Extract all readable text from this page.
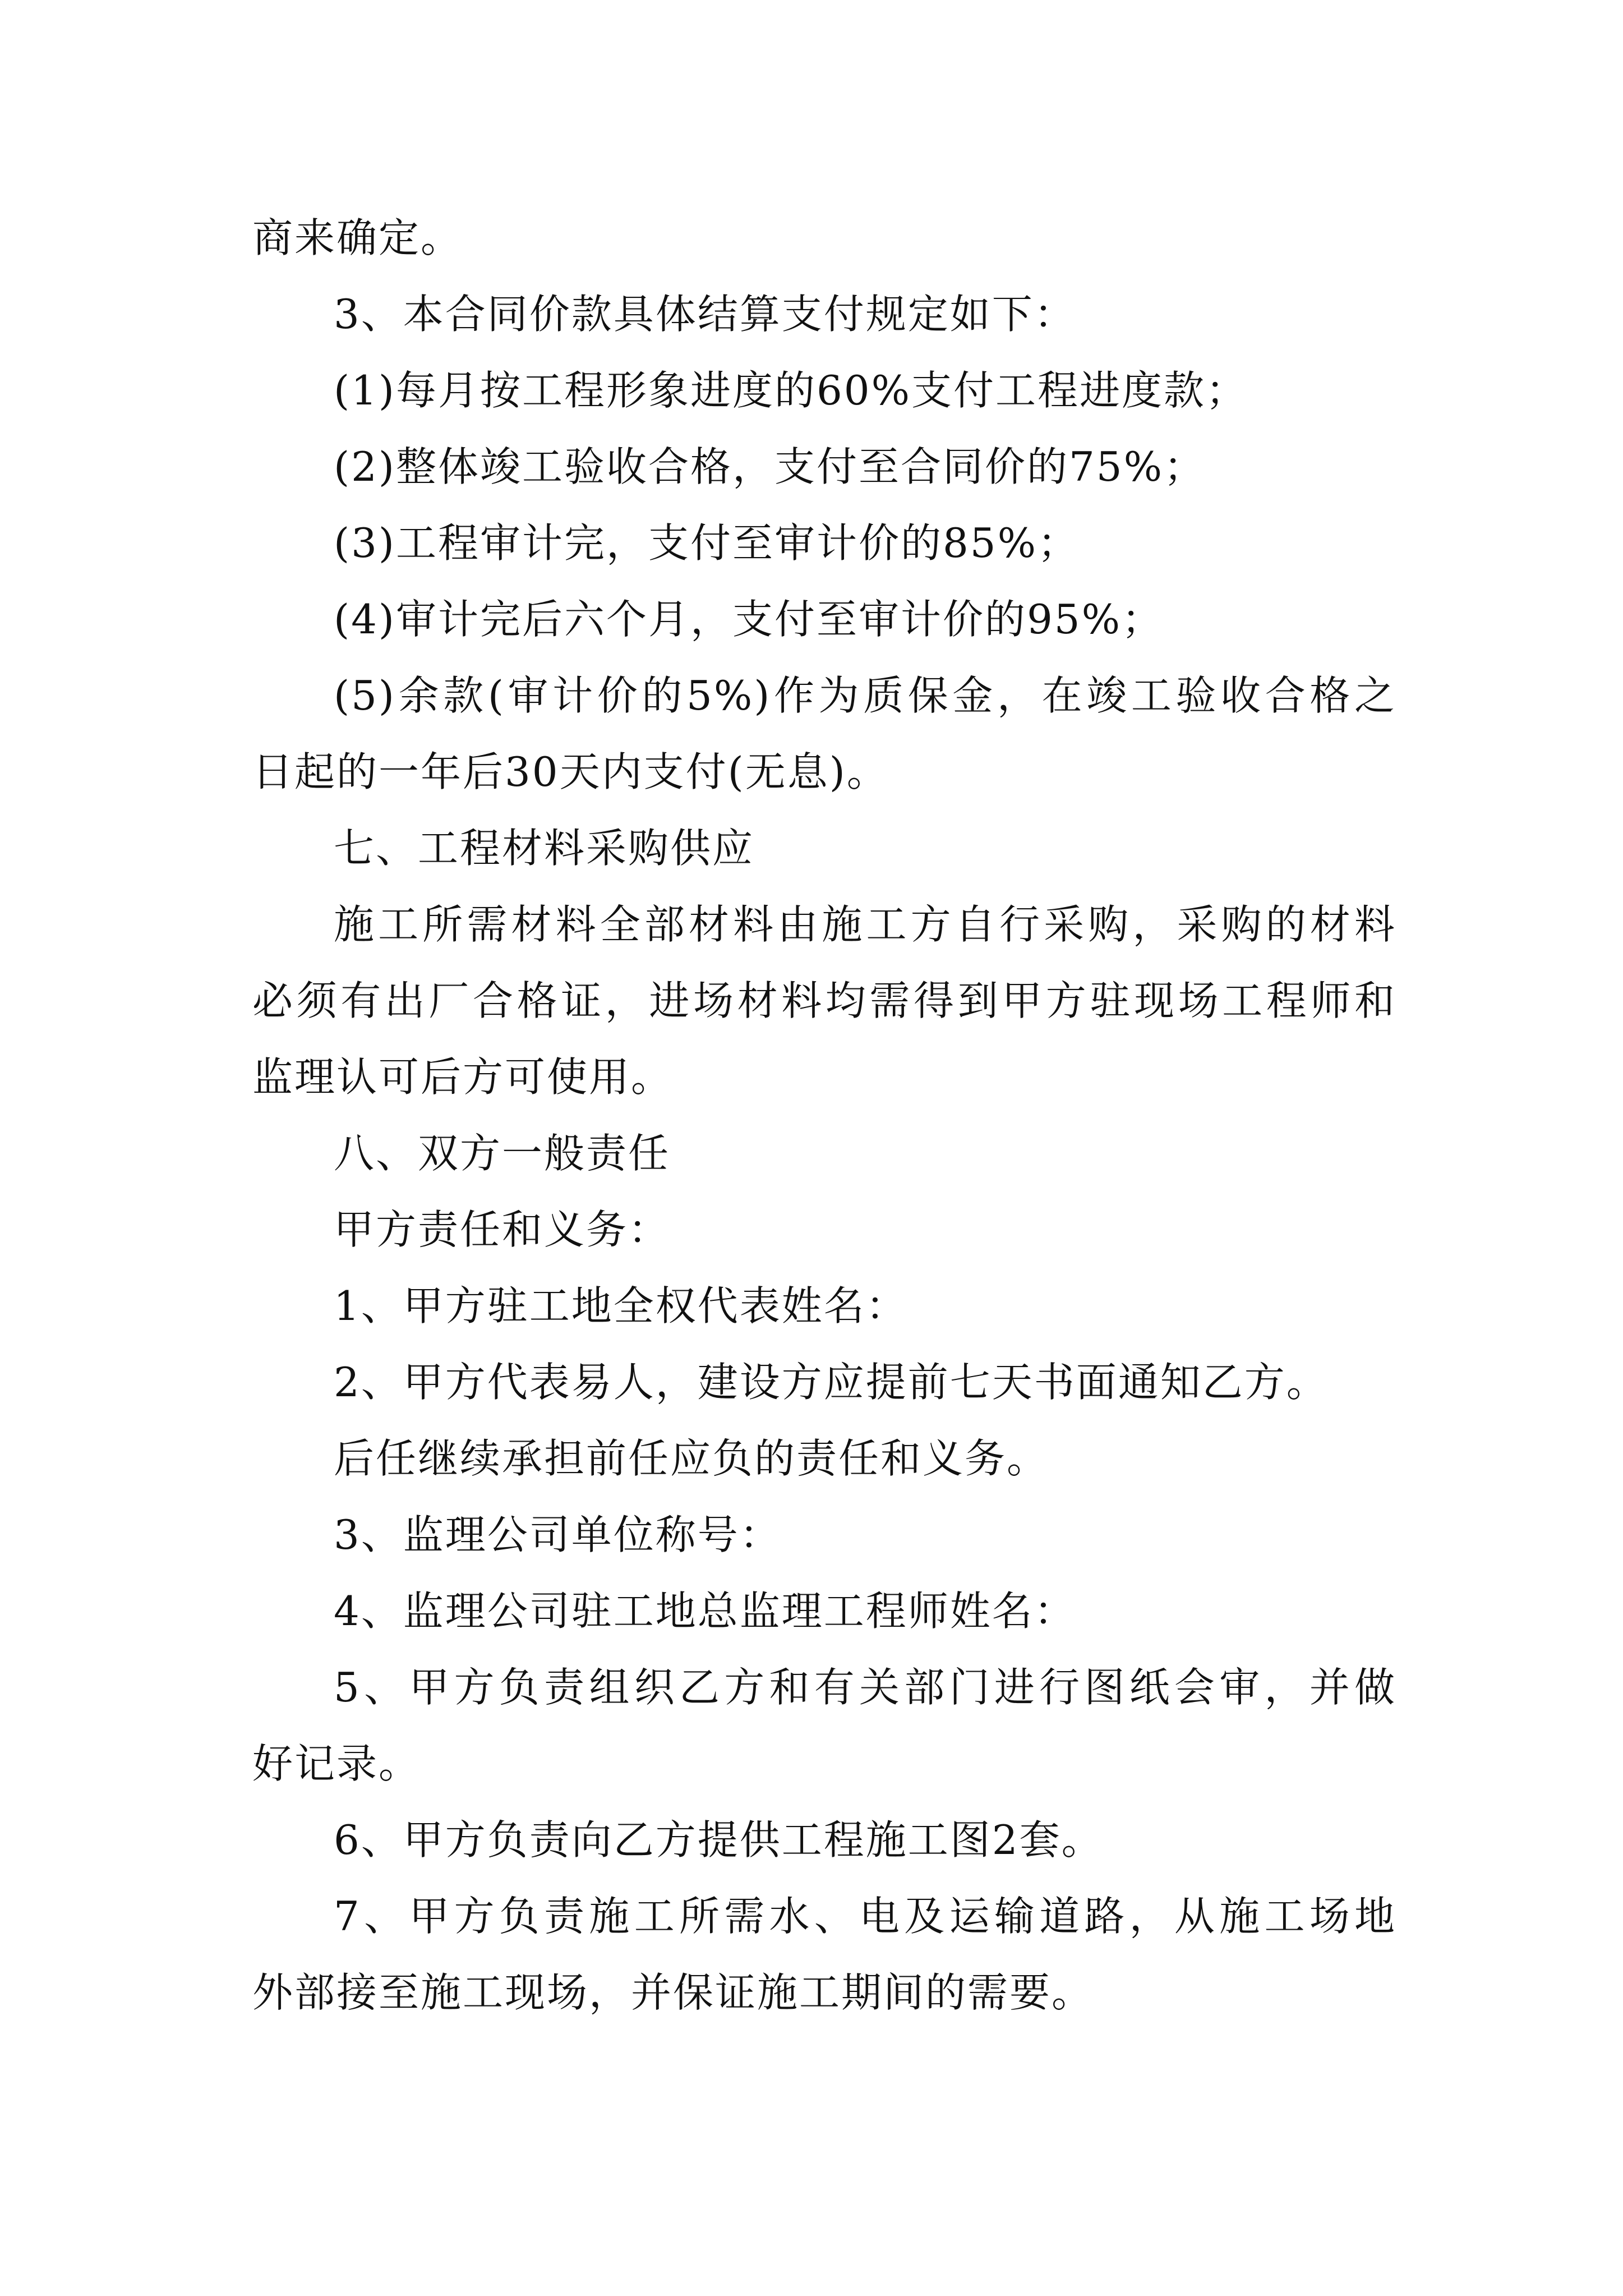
商来确定。

3、本合同价款具体结算支付规定如下：

(1)每月按工程形象进度的60%支付工程进度款；

(2)整体竣工验收合格，支付至合同价的75%；

(3)工程审计完，支付至审计价的85%；

(4)审计完后六个月，支付至审计价的95%；

(5)余款(审计价的5%)作为质保金，在竣工验收合格之

日起的一年后30天内支付(无息)。

七、工程材料采购供应

施工所需材料全部材料由施工方自行采购，采购的材料

必须有出厂合格证，进场材料均需得到甲方驻现场工程师和

监理认可后方可使用。

八、双方一般责任

甲方责任和义务：

1、甲方驻工地全权代表姓名：

2、甲方代表易人，建设方应提前七天书面通知乙方。

后任继续承担前任应负的责任和义务。

3、监理公司单位称号：

4、监理公司驻工地总监理工程师姓名：

5、甲方负责组织乙方和有关部门进行图纸会审，并做

好记录。

6、甲方负责向乙方提供工程施工图2套。

7、甲方负责施工所需水、电及运输道路，从施工场地

外部接至施工现场，并保证施工期间的需要。
